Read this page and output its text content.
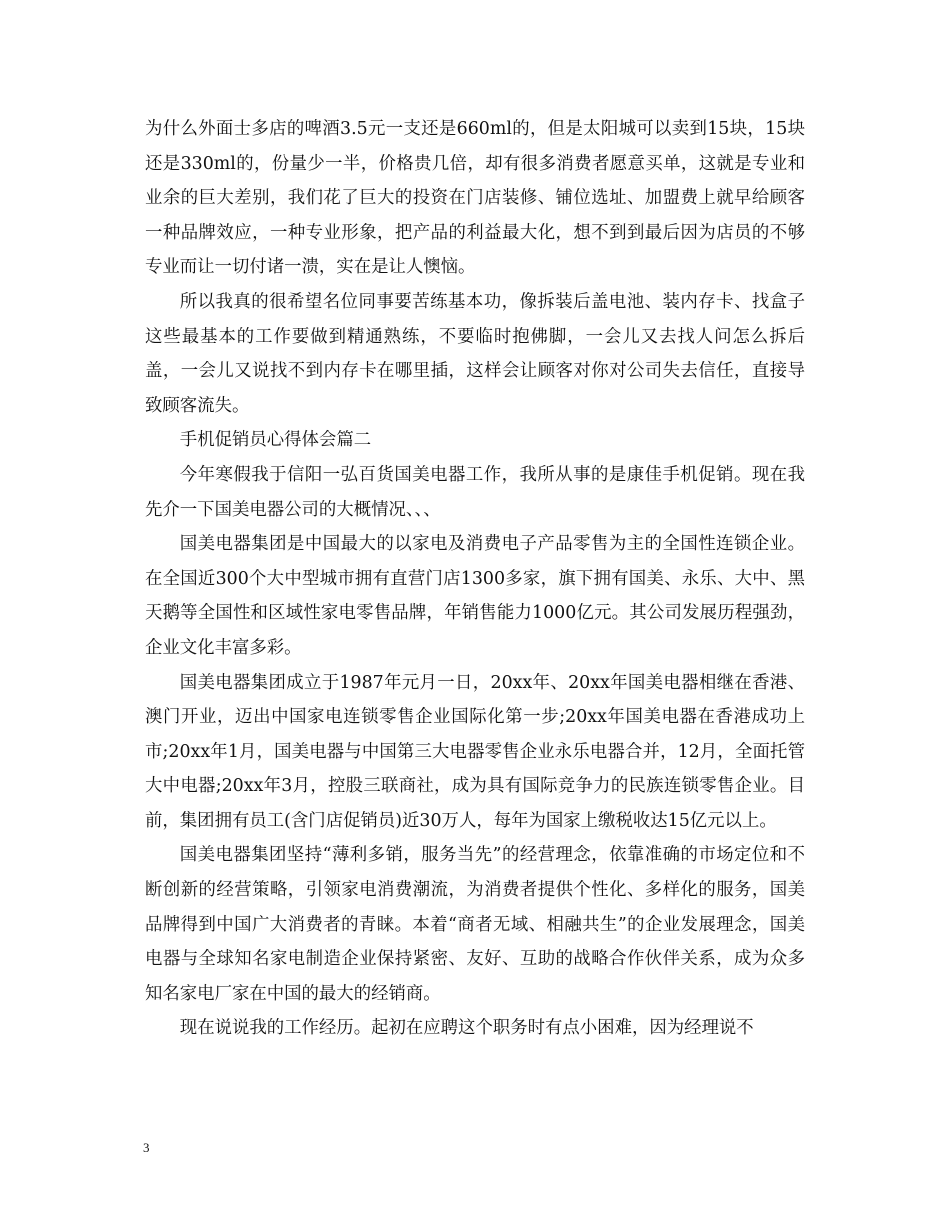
为什么外面士多店的啤酒3.5元一支还是660ml的，但是太阳城可以卖到15块，15块还是330ml的，份量少一半，价格贵几倍，却有很多消费者愿意买单，这就是专业和业余的巨大差别，我们花了巨大的投资在门店装修、铺位选址、加盟费上就早给顾客一种品牌效应，一种专业形象，把产品的利益最大化，想不到到最后因为店员的不够专业而让一切付诸一溃，实在是让人懊恼。

所以我真的很希望名位同事要苦练基本功，像拆装后盖电池、装内存卡、找盒子这些最基本的工作要做到精通熟练，不要临时抱佛脚，一会儿又去找人问怎么拆后盖，一会儿又说找不到内存卡在哪里插，这样会让顾客对你对公司失去信任，直接导致顾客流失。

手机促销员心得体会篇二

今年寒假我于信阳一弘百货国美电器工作，我所从事的是康佳手机促销。现在我先介一下国美电器公司的大概情况、、、

国美电器集团是中国最大的以家电及消费电子产品零售为主的全国性连锁企业。在全国近300个大中型城市拥有直营门店1300多家，旗下拥有国美、永乐、大中、黑天鹅等全国性和区域性家电零售品牌，年销售能力1000亿元。其公司发展历程强劲，企业文化丰富多彩。

国美电器集团成立于1987年元月一日，20xx年、20xx年国美电器相继在香港、澳门开业，迈出中国家电连锁零售企业国际化第一步;20xx年国美电器在香港成功上市;20xx年1月，国美电器与中国第三大电器零售企业永乐电器合并，12月，全面托管大中电器;20xx年3月，控股三联商社，成为具有国际竞争力的民族连锁零售企业。目前，集团拥有员工(含门店促销员)近30万人，每年为国家上缴税收达15亿元以上。

国美电器集团坚持“薄利多销，服务当先”的经营理念，依靠准确的市场定位和不断创新的经营策略，引领家电消费潮流，为消费者提供个性化、多样化的服务，国美品牌得到中国广大消费者的青睐。本着“商者无域、相融共生”的企业发展理念，国美电器与全球知名家电制造企业保持紧密、友好、互助的战略合作伙伴关系，成为众多知名家电厂家在中国的最大的经销商。

现在说说我的工作经历。起初在应聘这个职务时有点小困难，因为经理说不

3
